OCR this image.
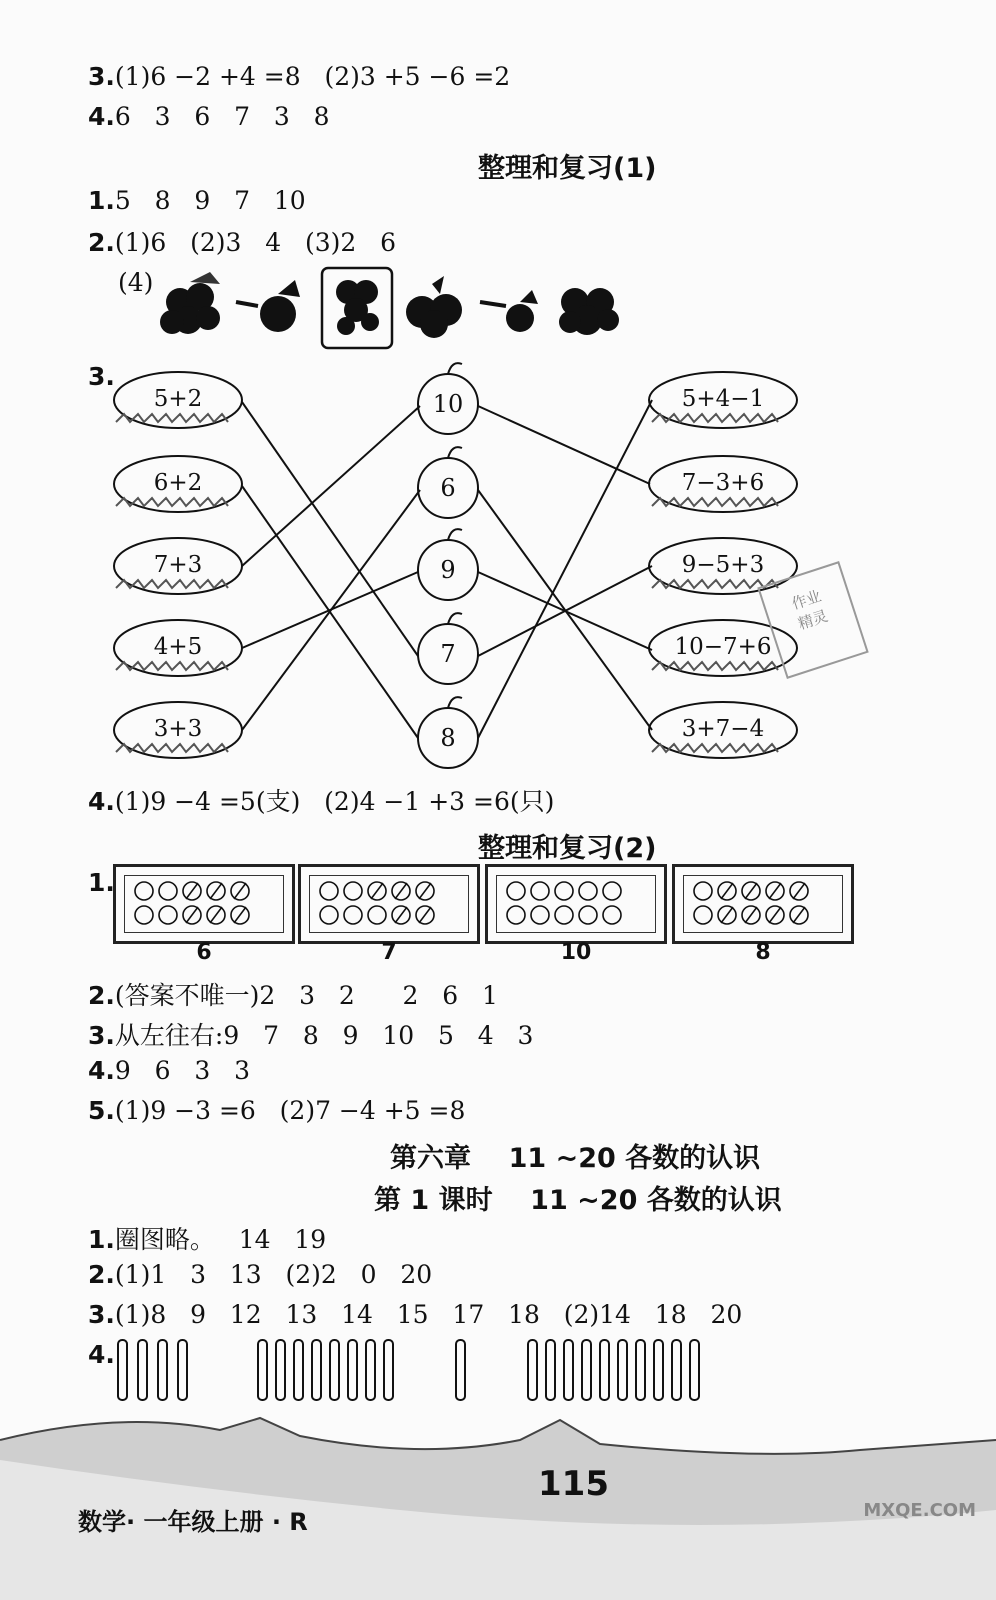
3.(1)6 −2 +4 =8   (2)3 +5 −6 =2
4.6   3   6   7   3   8
整理和复习(1)
1.5   8   9   7   10
2.(1)6   (2)3   4   (3)2   6
(4)
3.
5+2
6+2
7+3
4+5
3+3
10
6
9
7
8
5+4−1
7−3+6
9−5+3
10−7+6
3+7−4
作业
精灵
4.(1)9 −4 =5(支)   (2)4 −1 +3 =6(只)
整理和复习(2)
1.
6	7	10	8
2.(答案不唯一)2   3   2      2   6   1
3.从左往右:9   7   8   9   10   5   4   3
4.9   6   3   3
5.(1)9 −3 =6   (2)7 −4 +5 =8
第六章    11 ~20 各数的认识
第 1 课时    11 ~20 各数的认识
1.圈图略。   14   19
2.(1)1   3   13   (2)2   0   20
3.(1)8   9   12   13   14   15   17   18   (2)14   18   20
4.
115
数学· 一年级上册 · R	MXQE.COM
